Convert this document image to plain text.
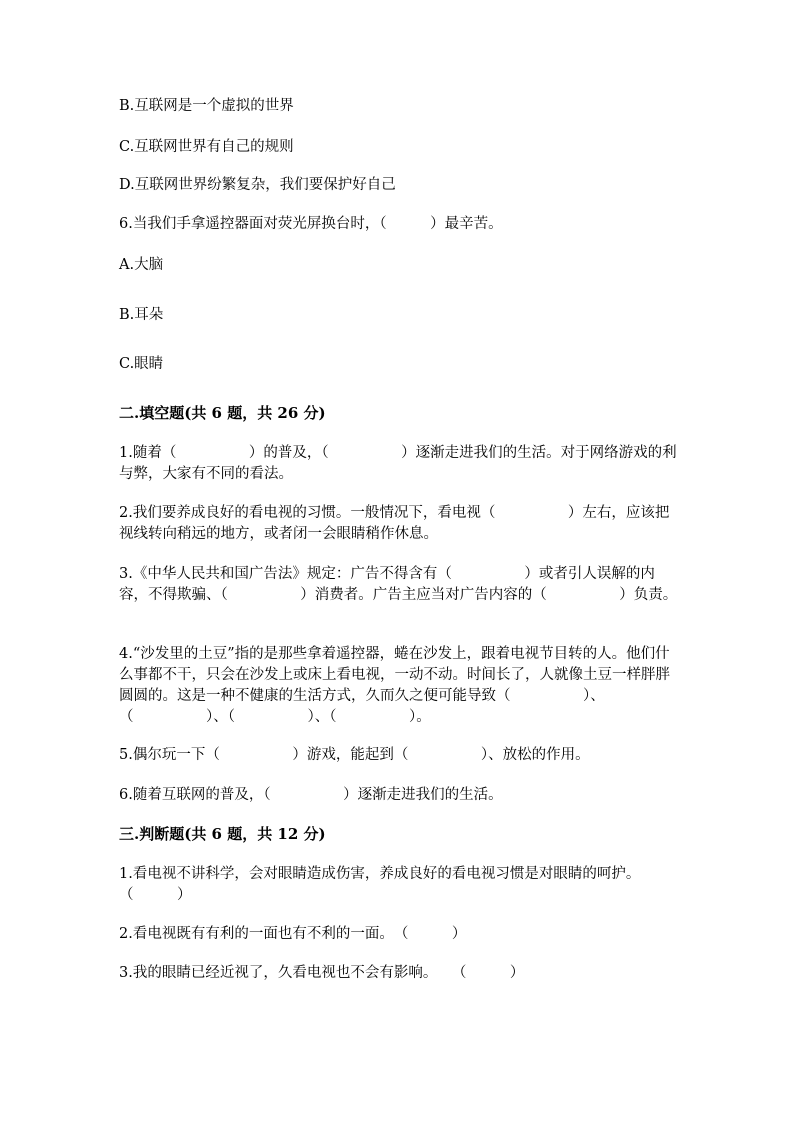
B.互联网是一个虚拟的世界
C.互联网世界有自己的规则
D.互联网世界纷繁复杂，我们要保护好自己
6.当我们手拿遥控器面对荧光屏换台时，（　　　）最辛苦。
A.大脑
B.耳朵
C.眼睛
二.填空题(共 6 题，共 26 分)
1.随着（　　　　　）的普及，（　　　　　）逐渐走进我们的生活。对于网络游戏的利与弊，大家有不同的看法。
2.我们要养成良好的看电视的习惯。一般情况下，看电视（　　　　　）左右，应该把视线转向稍远的地方，或者闭一会眼睛稍作休息。
3.《中华人民共和国广告法》规定：广告不得含有（　　　　　）或者引人误解的内容，不得欺骗、（　　　　　）消费者。广告主应当对广告内容的（　　　　　）负责。
4.“沙发里的土豆”指的是那些拿着遥控器，蜷在沙发上，跟着电视节目转的人。他们什么事都不干，只会在沙发上或床上看电视，一动不动。时间长了，人就像土豆一样胖胖圆圆的。这是一种不健康的生活方式，久而久之便可能导致（　　　　　）、（　　　　　）、（　　　　　）、（　　　　　）。
5.偶尔玩一下（　　　　　）游戏，能起到（　　　　　）、放松的作用。
6.随着互联网的普及，（　　　　　）逐渐走进我们的生活。
三.判断题(共 6 题，共 12 分)
1.看电视不讲科学，会对眼睛造成伤害，养成良好的看电视习惯是对眼睛的呵护。（　　　）
2.看电视既有有利的一面也有不利的一面。　（　　　）
3.我的眼睛已经近视了，久看电视也不会有影响。　　（　　　）
